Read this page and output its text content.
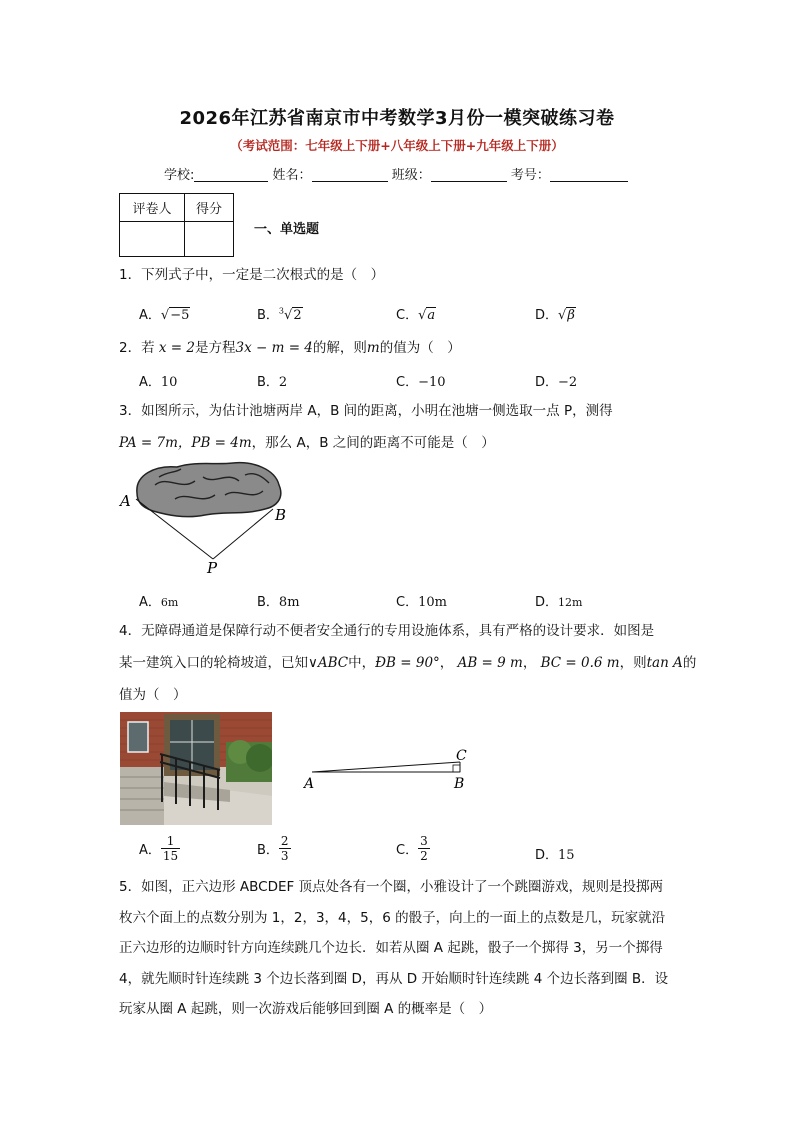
2026年江苏省南京市中考数学3月份一模突破练习卷
（考试范围：七年级上下册+八年级上下册+九年级上下册）
学校:	姓名：	班级：	考号：
评卷人	得分

一、单选题
1．下列式子中，一定是二次根式的是（　）
A．√−5	B．$^3$√2	C．√a	D．√β
2．若 x = 2是方程3x − m = 4的解，则m的值为（　）
A．10	B．2	C．−10	D．−2
3．如图所示，为估计池塘两岸 A，B 间的距离，小明在池塘一侧选取一点 P，测得
PA = 7m，PB = 4m，那么 A，B 之间的距离不可能是（　）
A
B
P
A．6m	B．8m	C．10m	D．12m
4．无障碍通道是保障行动不便者安全通行的专用设施体系，具有严格的设计要求．如图是
某一建筑入口的轮椅坡道，已知∨ABC中，ÐB = 90°， AB = 9 m， BC = 0.6 m，则tan A的
值为（　）
A	B
C
A． $\frac{1}{15}$	B． $\frac{2}{3}$	C． $\frac{3}{2}$	D．15
5．如图，正六边形 ABCDEF 顶点处各有一个圈，小雅设计了一个跳圈游戏，规则是投掷两
枚六个面上的点数分别为 1，2，3，4，5，6 的骰子，向上的一面上的点数是几，玩家就沿
正六边形的边顺时针方向连续跳几个边长．如若从圈 A 起跳，骰子一个掷得 3，另一个掷得
4，就先顺时针连续跳 3 个边长落到圈 D，再从 D 开始顺时针连续跳 4 个边长落到圈 B．设
玩家从圈 A 起跳，则一次游戏后能够回到圈 A 的概率是（　）
